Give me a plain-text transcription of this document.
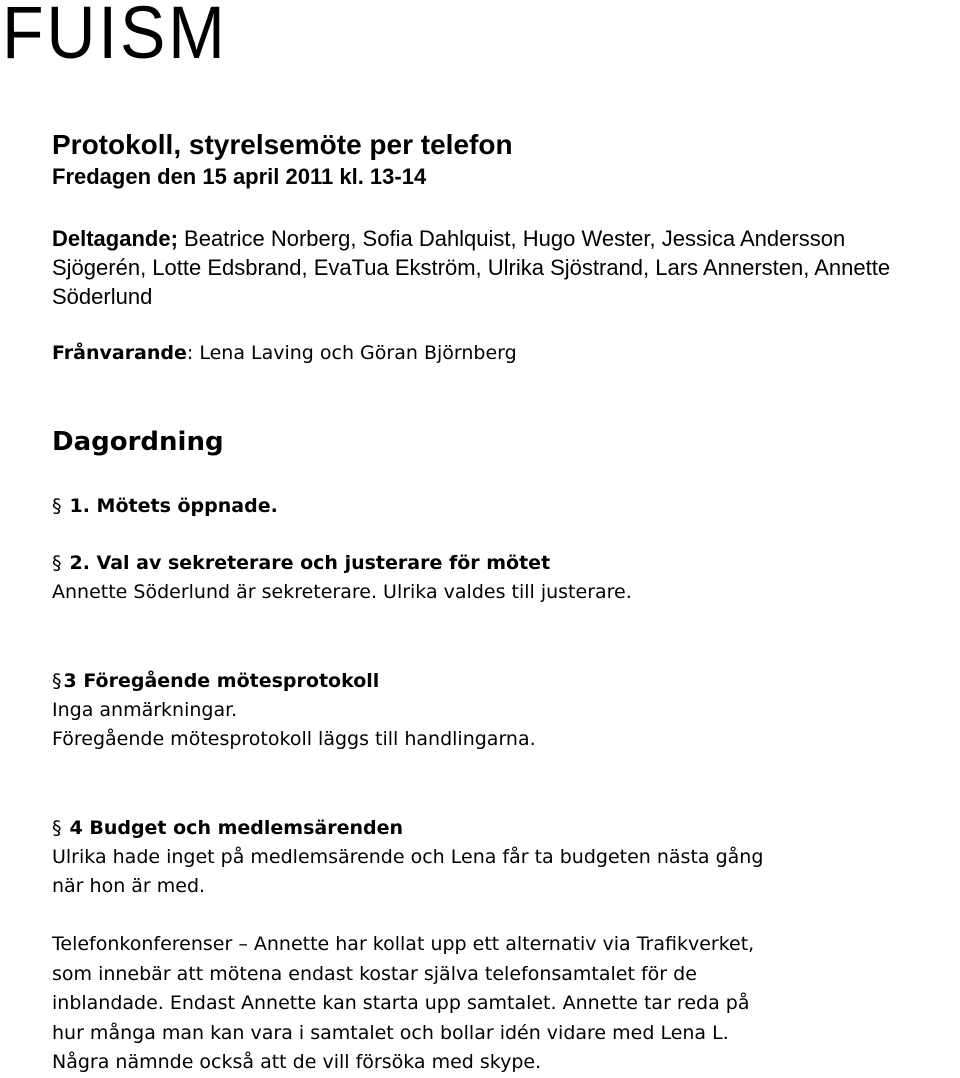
FUISM
Protokoll, styrelsemöte per telefon
Fredagen den 15 april 2011 kl. 13-14
Deltagande; Beatrice Norberg, Sofia Dahlquist, Hugo Wester, Jessica Andersson Sjögerén, Lotte Edsbrand, EvaTua Ekström, Ulrika Sjöstrand, Lars Annersten, Annette Söderlund
Frånvarande: Lena Laving och Göran Björnberg
Dagordning
§ 1. Mötets öppnade.
§ 2. Val av sekreterare och justerare för mötet
Annette Söderlund är sekreterare. Ulrika valdes till justerare.
§ 3 Föregående mötesprotokoll
Inga anmärkningar.
Föregående mötesprotokoll läggs till handlingarna.
§ 4 Budget och medlemsärenden
Ulrika hade inget på medlemsärende och Lena får ta budgeten nästa gång
när hon är med.
Telefonkonferenser – Annette har kollat upp ett alternativ via Trafikverket,
som innebär att mötena endast kostar själva telefonsamtalet för de
inblandade. Endast Annette kan starta upp samtalet. Annette tar reda på
hur många man kan vara i samtalet och bollar idén vidare med Lena L.
Några nämnde också att de vill försöka med skype.
